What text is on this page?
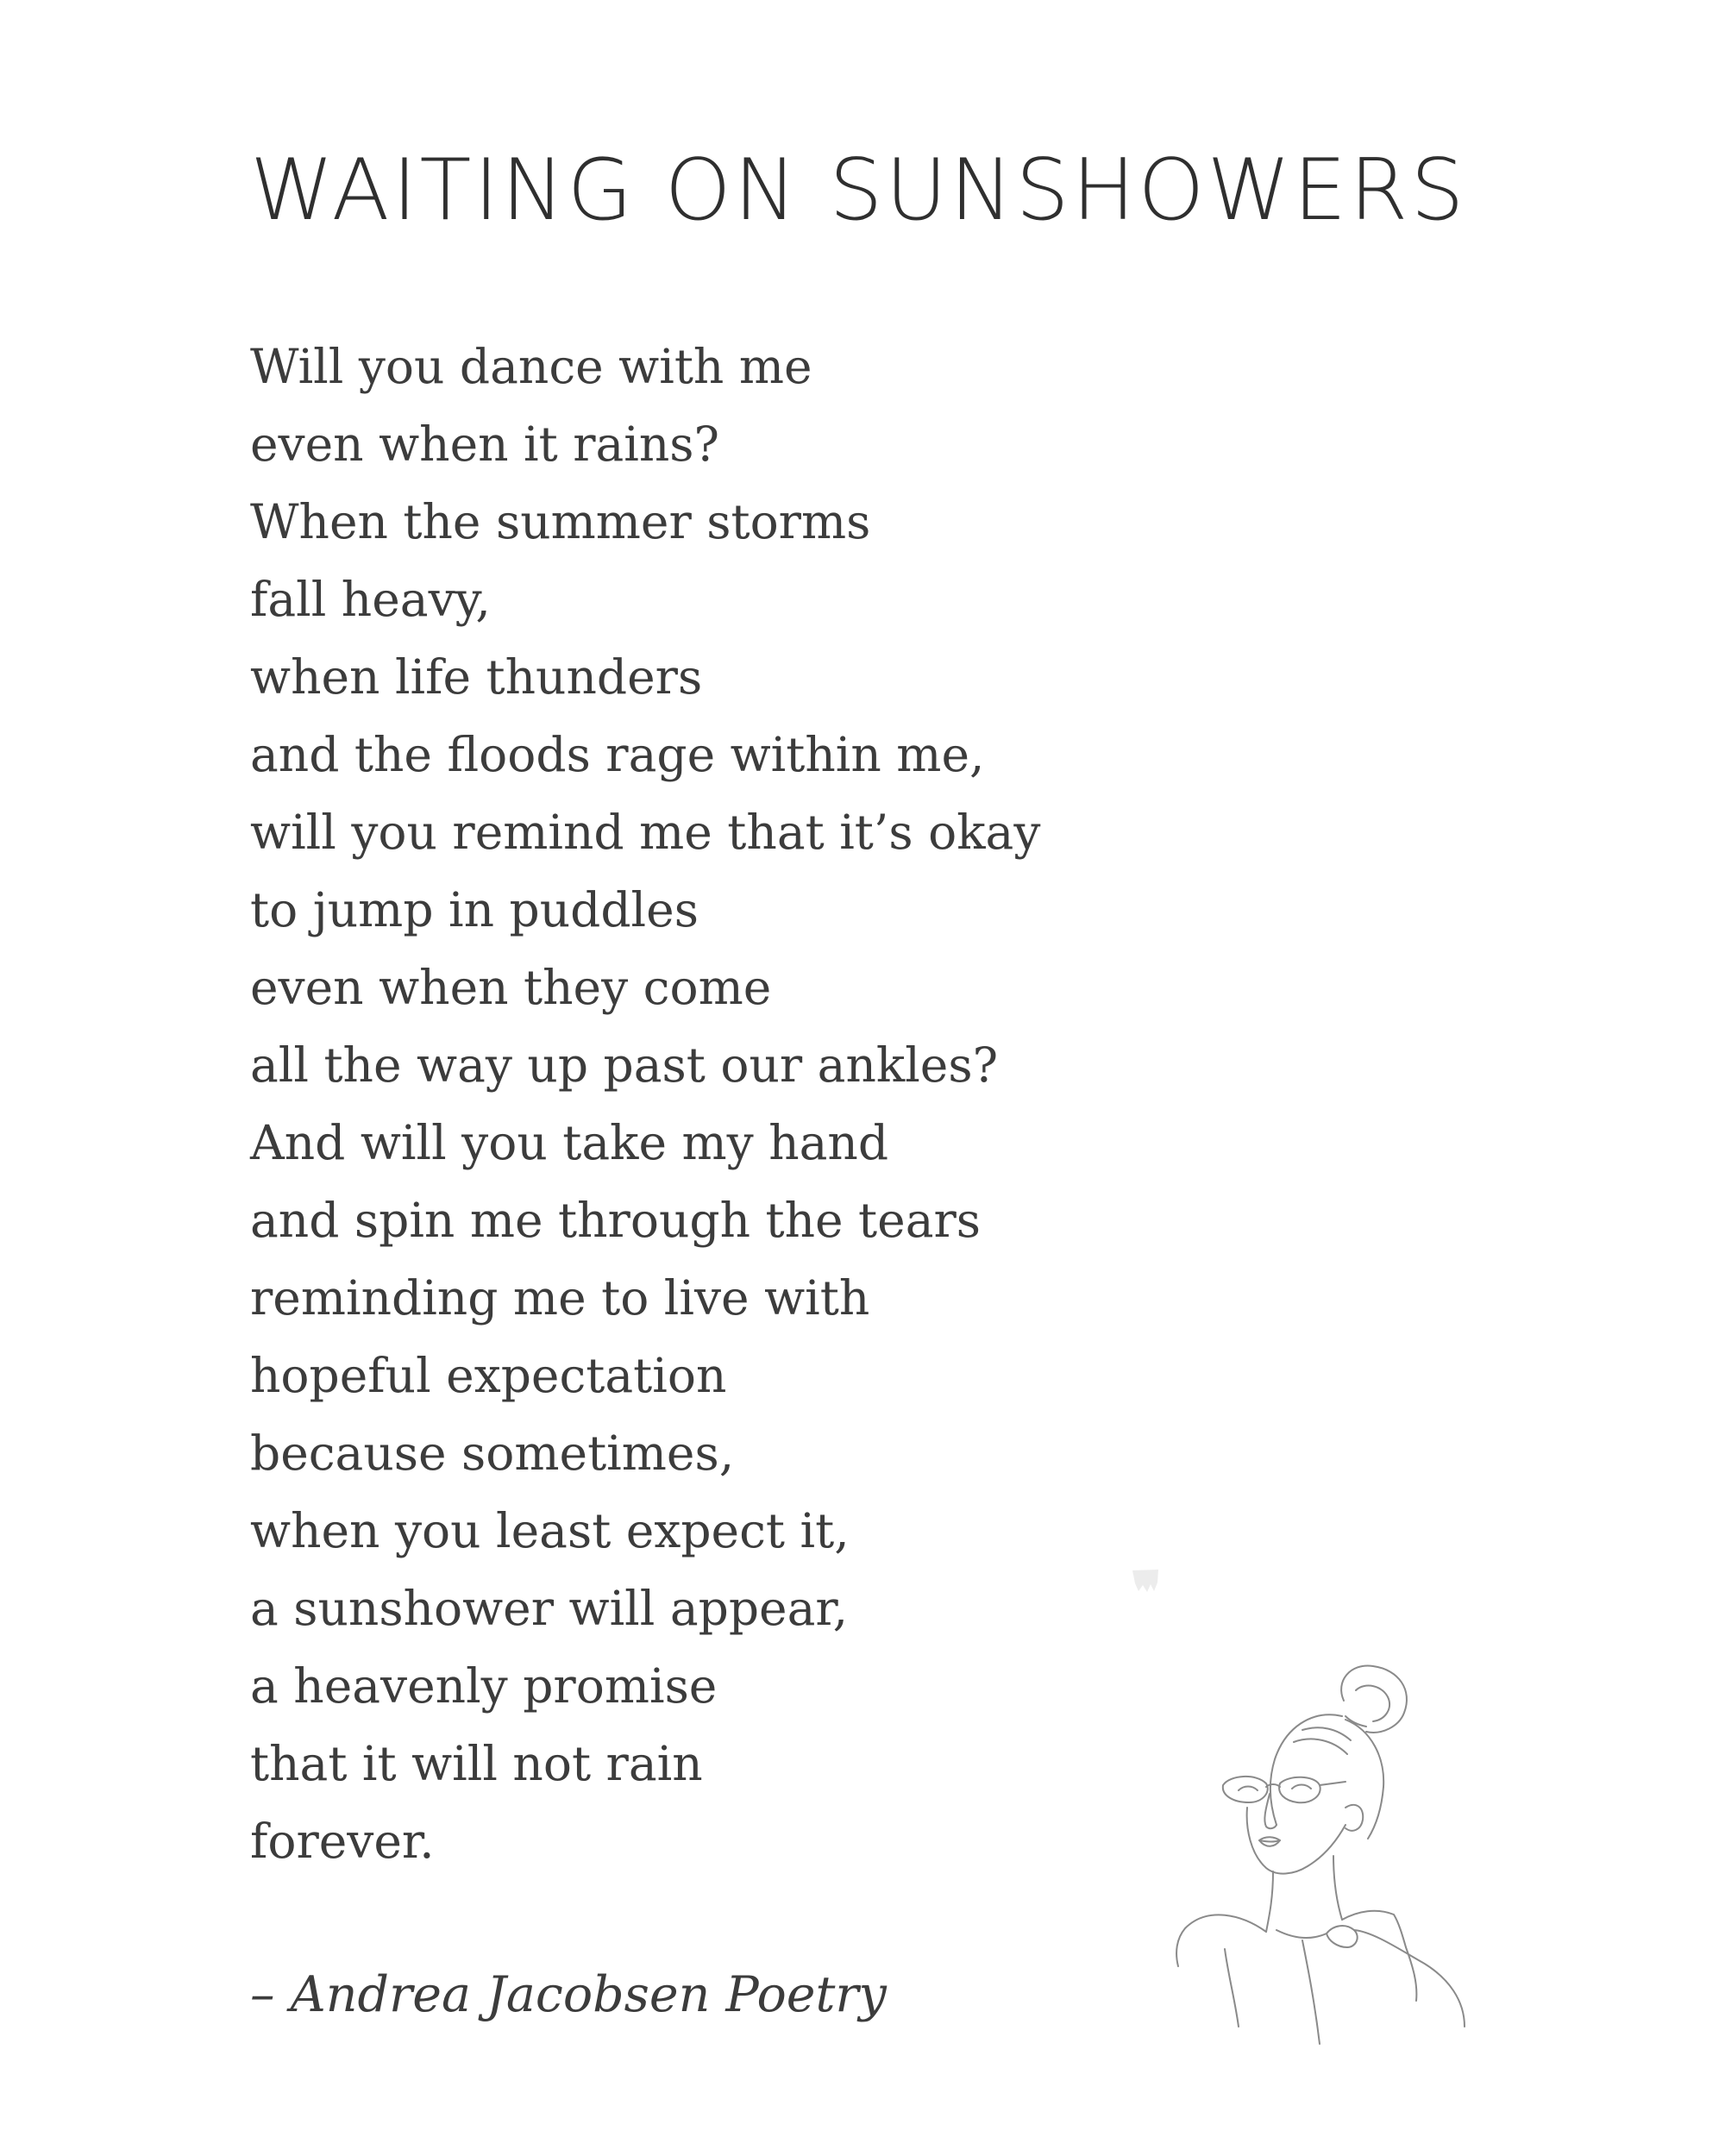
WAITING ON SUNSHOWERS
Will you dance with me
even when it rains?
When the summer storms
fall heavy,
when life thunders
and the floods rage within me,
will you remind me that it’s okay
to jump in puddles
even when they come
all the way up past our ankles?
And will you take my hand
and spin me through the tears
reminding me to live with
hopeful expectation
because sometimes,
when you least expect it,
a sunshower will appear,
a heavenly promise
that it will not rain
forever.

– Andrea Jacobsen Poetry
